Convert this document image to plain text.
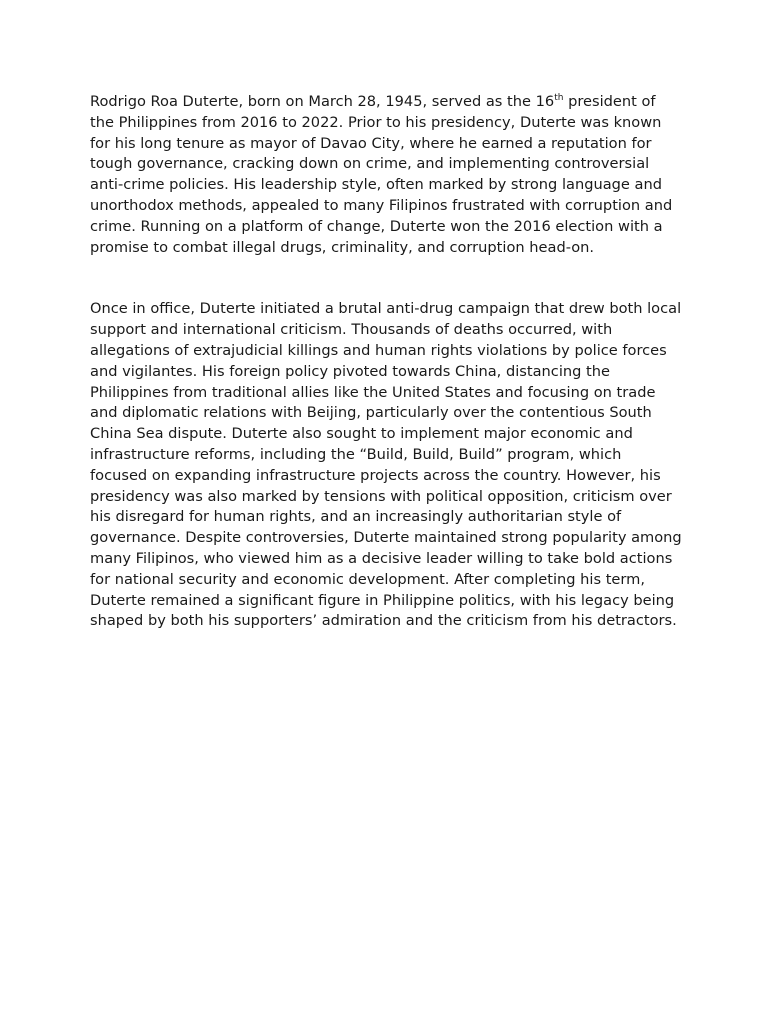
Rodrigo Roa Duterte, born on March 28, 1945, served as the 16th president of the Philippines from 2016 to 2022. Prior to his presidency, Duterte was known for his long tenure as mayor of Davao City, where he earned a reputation for tough governance, cracking down on crime, and implementing controversial anti-crime policies. His leadership style, often marked by strong language and unorthodox methods, appealed to many Filipinos frustrated with corruption and crime. Running on a platform of change, Duterte won the 2016 election with a promise to combat illegal drugs, criminality, and corruption head-on.

Once in office, Duterte initiated a brutal anti-drug campaign that drew both local support and international criticism. Thousands of deaths occurred, with allegations of extrajudicial killings and human rights violations by police forces and vigilantes. His foreign policy pivoted towards China, distancing the Philippines from traditional allies like the United States and focusing on trade and diplomatic relations with Beijing, particularly over the contentious South China Sea dispute. Duterte also sought to implement major economic and infrastructure reforms, including the “Build, Build, Build” program, which focused on expanding infrastructure projects across the country. However, his presidency was also marked by tensions with political opposition, criticism over his disregard for human rights, and an increasingly authoritarian style of governance. Despite controversies, Duterte maintained strong popularity among many Filipinos, who viewed him as a decisive leader willing to take bold actions for national security and economic development. After completing his term, Duterte remained a significant figure in Philippine politics, with his legacy being shaped by both his supporters’ admiration and the criticism from his detractors.
